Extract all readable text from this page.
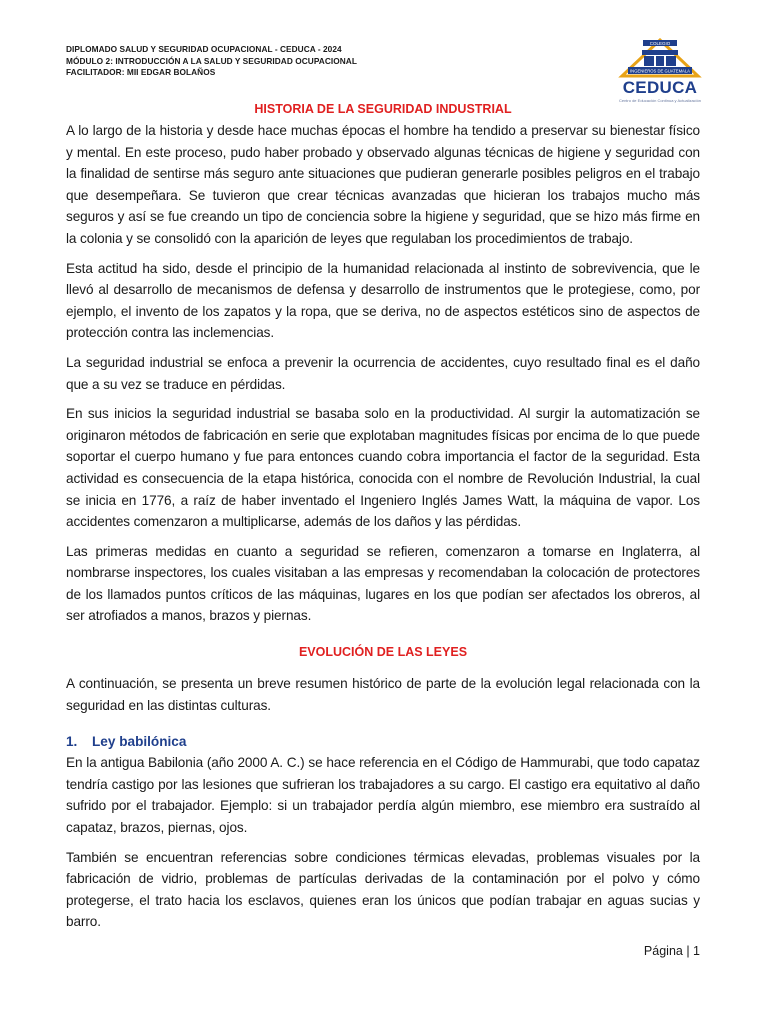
DIPLOMADO SALUD Y SEGURIDAD OCUPACIONAL - CEDUCA - 2024
MÓDULO 2: INTRODUCCIÓN A LA SALUD Y SEGURIDAD OCUPACIONAL
FACILITADOR: MII EDGAR BOLAÑOS
COLEGIO
INGENIEROS DE GUATEMALA
CEDUCA
Centro de Educación Continua y Actualización
HISTORIA DE LA SEGURIDAD INDUSTRIAL

A lo largo de la historia y desde hace muchas épocas el hombre ha tendido a preservar su bienestar físico y mental. En este proceso, pudo haber probado y observado algunas técnicas de higiene y seguridad con la finalidad de sentirse más seguro ante situaciones que pudieran generarle posibles peligros en el trabajo que desempeñara. Se tuvieron que crear técnicas avanzadas que hicieran los trabajos mucho más seguros y así se fue creando un tipo de conciencia sobre la higiene y seguridad, que se hizo más firme en la colonia y se consolidó con la aparición de leyes que regulaban los procedimientos de trabajo.

Esta actitud ha sido, desde el principio de la humanidad relacionada al instinto de sobrevivencia, que le llevó al desarrollo de mecanismos de defensa y desarrollo de instrumentos que le protegiese, como, por ejemplo, el invento de los zapatos y la ropa, que se deriva, no de aspectos estéticos sino de aspectos de protección contra las inclemencias.

La seguridad industrial se enfoca a prevenir la ocurrencia de accidentes, cuyo resultado final es el daño que a su vez se traduce en pérdidas.

En sus inicios la seguridad industrial se basaba solo en la productividad. Al surgir la automatización se originaron métodos de fabricación en serie que explotaban magnitudes físicas por encima de lo que puede soportar el cuerpo humano y fue para entonces cuando cobra importancia el factor de la seguridad. Esta actividad es consecuencia de la etapa histórica, conocida con el nombre de Revolución Industrial, la cual se inicia en 1776, a raíz de haber inventado el Ingeniero Inglés James Watt, la máquina de vapor. Los accidentes comenzaron a multiplicarse, además de los daños y las pérdidas.

Las primeras medidas en cuanto a seguridad se refieren, comenzaron a tomarse en Inglaterra, al nombrarse inspectores, los cuales visitaban a las empresas y recomendaban la colocación de protectores de los llamados puntos críticos de las máquinas, lugares en los que podían ser afectados los obreros, al ser atrofiados a manos, brazos y piernas.

EVOLUCIÓN DE LAS LEYES

A continuación, se presenta un breve resumen histórico de parte de la evolución legal relacionada con la seguridad en las distintas culturas.

1.	Ley babilónica

En la antigua Babilonia (año 2000 A. C.) se hace referencia en el Código de Hammurabi, que todo capataz tendría castigo por las lesiones que sufrieran los trabajadores a su cargo. El castigo era equitativo al daño sufrido por el trabajador. Ejemplo: si un trabajador perdía algún miembro, ese miembro era sustraído al capataz, brazos, piernas, ojos.

También se encuentran referencias sobre condiciones térmicas elevadas, problemas visuales por la fabricación de vidrio, problemas de partículas derivadas de la contaminación por el polvo y cómo protegerse, el trato hacia los esclavos, quienes eran los únicos que podían trabajar en aguas sucias y barro.

Página | 1
